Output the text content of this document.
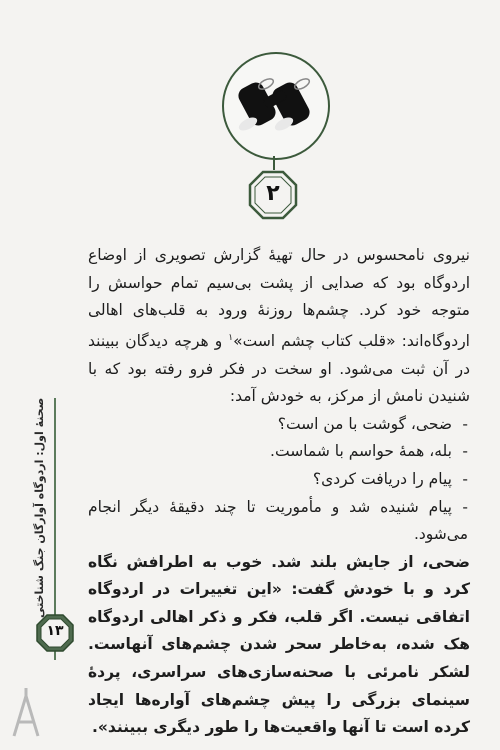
۲

نیروی نامحسوس در حال تهیهٔ گزارش تصویری از اوضاع اردوگاه بود که صدایی از پشت بی‌سیم تمام حواسش را متوجه خود کرد. چشم‌ها روزنهٔ ورود به قلب‌های اهالی اردوگاه‌اند: «قلب کتاب چشم است»$^۱$ و هرچه دیدگان ببینند در آن ثبت می‌شود. او سخت در فکر فرو رفته بود که با شنیدن نامش از مرکز، به خودش آمد:

-ضحی، گوشت با من است؟

-بله، همهٔ حواسم با شماست.

-پیام را دریافت کردی؟

-پیام شنیده شد و مأموریت تا چند دقیقهٔ دیگر انجام می‌شود.

ضحی، از جایش بلند شد. خوب به اطرافش نگاه کرد و با خودش گفت: «این تغییرات در اردوگاه اتفاقی نیست. اگر قلب، فکر و ذکر اهالی اردوگاه هک شده، به‌خاطر سحر شدن چشم‌های آنهاست. لشکر نامرئی با صحنه‌سازی‌های سراسری، پردهٔ سینمای بزرگی را پیش چشم‌های آواره‌ها ایجاد کرده است تا آنها واقعیت‌ها را طور دیگری ببینند».

صحنهٔ اول: اردوگاه آوارگان جنگ شناختی
۱۳
